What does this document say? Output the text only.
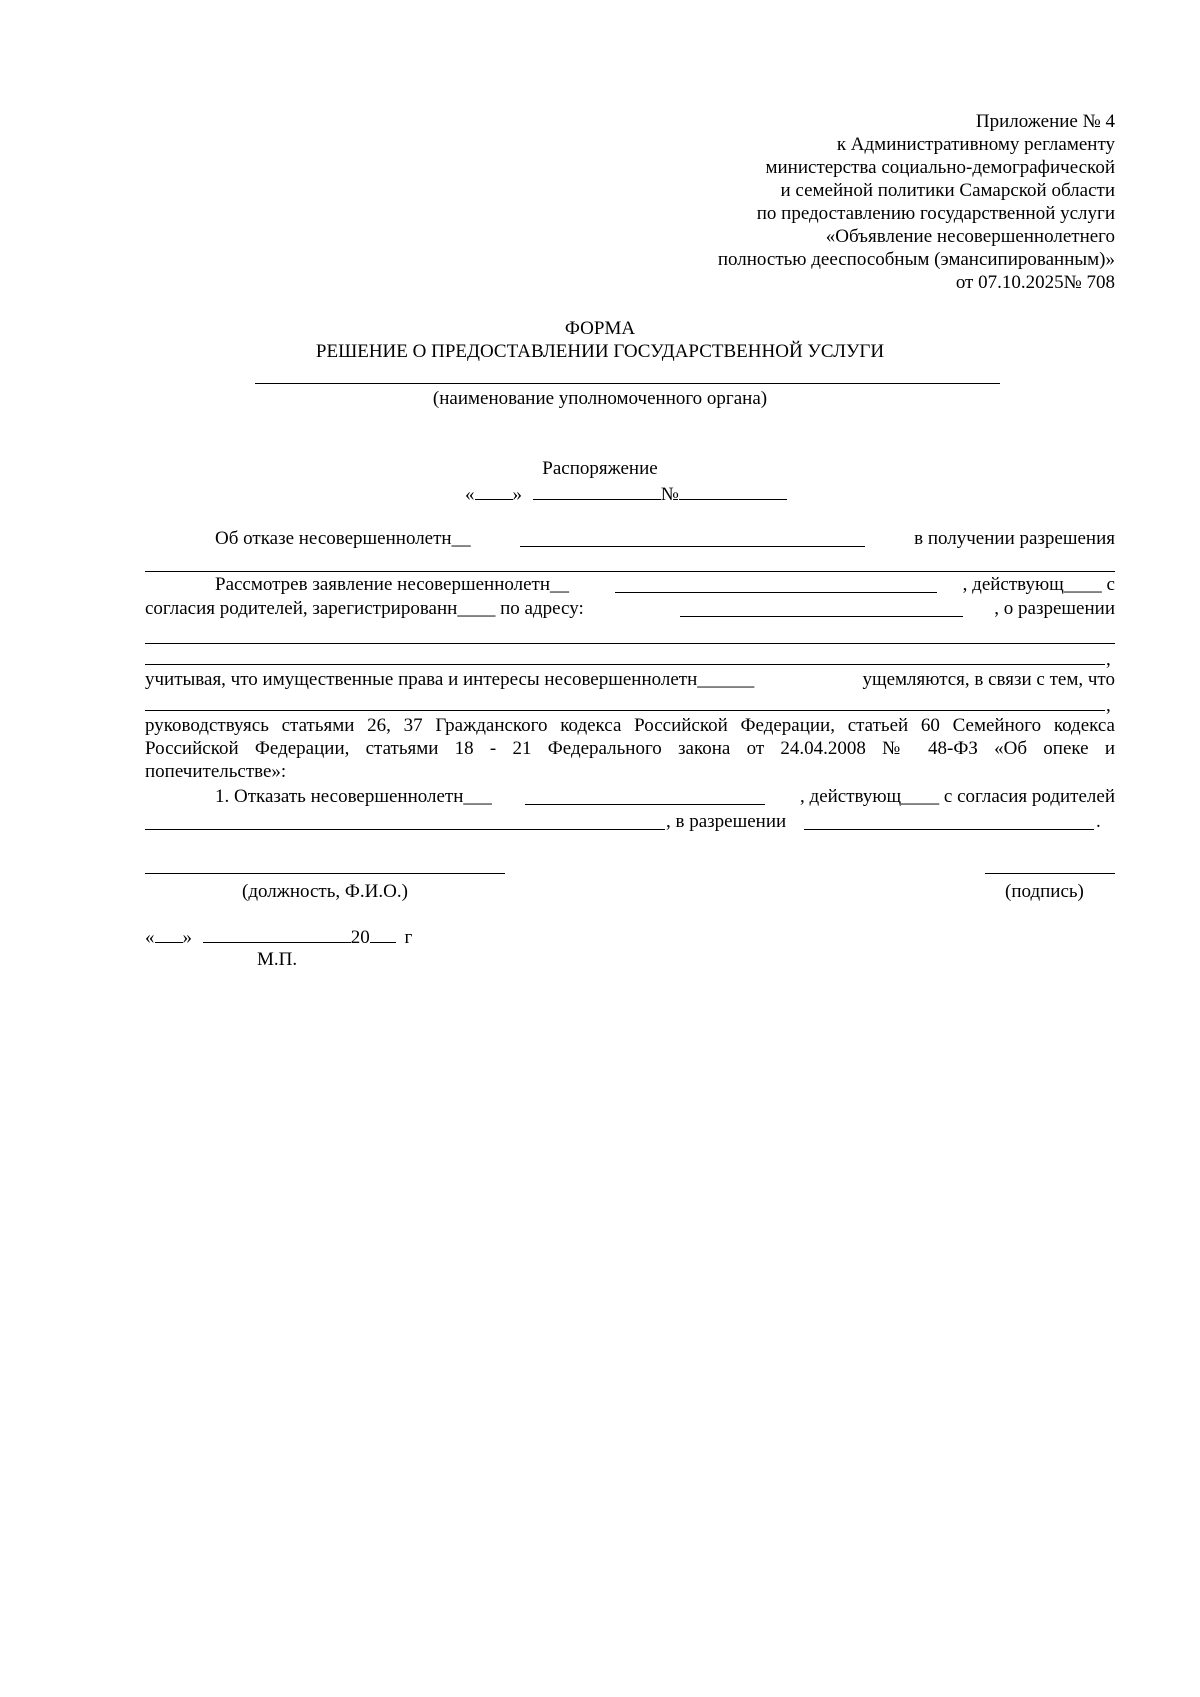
Приложение № 4
к Административному регламенту
министерства социально-демографической
и семейной политики Самарской области
по предоставлению государственной услуги
«Объявление несовершеннолетнего
полностью дееспособным (эмансипированным)»
от 07.10.2025№ 708
ФОРМА
РЕШЕНИЕ О ПРЕДОСТАВЛЕНИИ ГОСУДАРСТВЕННОЙ УСЛУГИ
(наименование уполномоченного органа)
Распоряжение
« »	№
Об отказе несовершеннолетн__	в получении разрешения
Рассмотрев заявление несовершеннолетн__	, действующ____ с
согласия родителей, зарегистрированн____ по адресу:	, о разрешении
,
учитывая, что имущественные права и интересы несовершеннолетн______	ущемляются, в связи с тем, что
,
руководствуясь статьями 26, 37 Гражданского кодекса Российской Федерации, статьей 60 Семейного кодекса
Российской Федерации, статьями 18 - 21 Федерального закона от 24.04.2008 № 48-ФЗ «Об опеке и
попечительстве»:
1. Отказать несовершеннолетн___	, действующ____ с согласия родителей
, в разрешении	.
(должность, Ф.И.О.)	(подпись)
« »	20 г
М.П.
